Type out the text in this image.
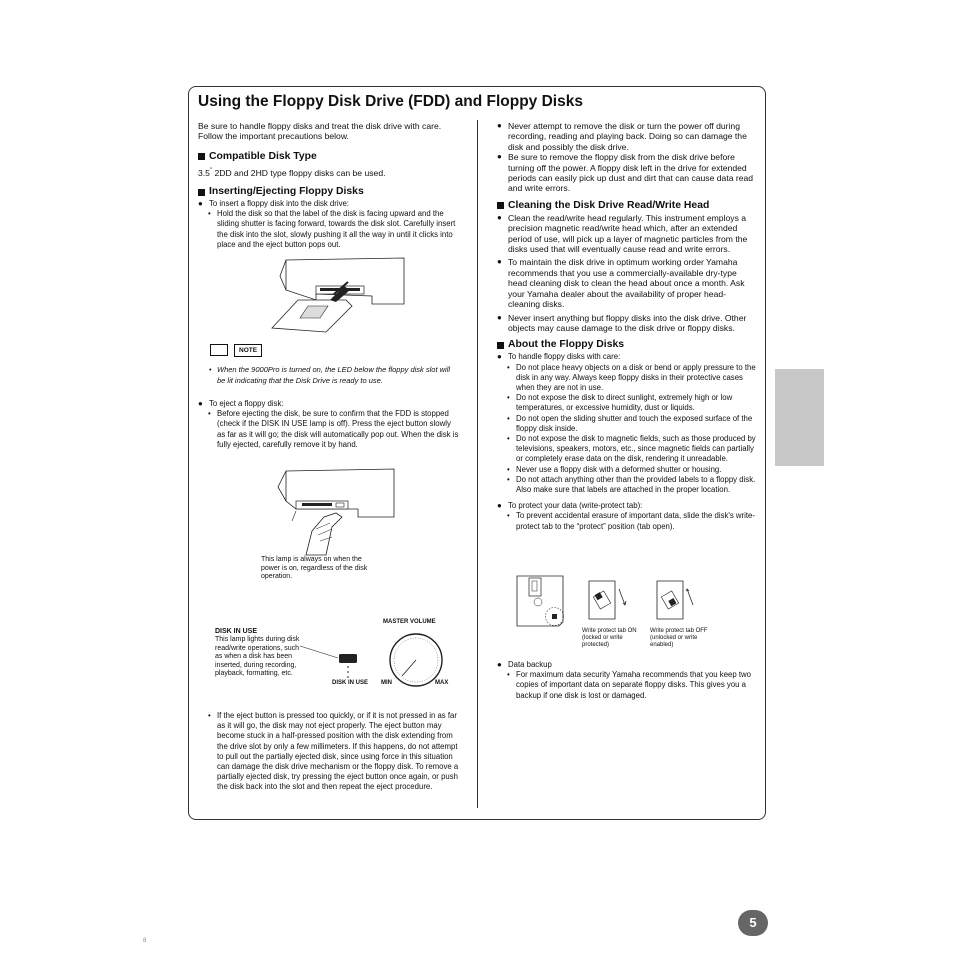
Using the Floppy Disk Drive (FDD) and Floppy Disks

Be sure to handle floppy disks and treat the disk drive with care. Follow the important precautions below.

Compatible Disk Type

3.5" 2DD and 2HD type floppy disks can be used.

Inserting/Ejecting Floppy Disks

● To insert a floppy disk into the disk drive:

• Hold the disk so that the label of the disk is facing upward and the sliding shutter is facing forward, towards the disk slot. Carefully insert the disk into the slot, slowly pushing it all the way in until it clicks into place and the eject button pops out.

NOTE

• When the 9000Pro is turned on, the LED below the floppy disk slot will be lit indicating that the Disk Drive is ready to use.

● To eject a floppy disk:

• Before ejecting the disk, be sure to confirm that the FDD is stopped (check if the DISK IN USE lamp is off). Press the eject button slowly as far as it will go; the disk will automatically pop out. When the disk is fully ejected, carefully remove it by hand.

This lamp is always on when the power is on, regardless of the disk operation.

DISK IN USE

This lamp lights during disk read/write operations, such as when a disk has been inserted, during recording, playback, formatting, etc.

MASTER VOLUME
MIN	MAX
DISK IN USE

• If the eject button is pressed too quickly, or if it is not pressed in as far as it will go, the disk may not eject properly. The eject button may become stuck in a half-pressed position with the disk extending from the drive slot by only a few millimeters. If this happens, do not attempt to pull out the partially ejected disk, since using force in this situation can damage the disk drive mechanism or the floppy disk. To remove a partially ejected disk, try pressing the eject button once again, or push the disk back into the slot and then repeat the eject procedure.

● Never attempt to remove the disk or turn the power off during recording, reading and playing back. Doing so can damage the disk and possibly the disk drive.

● Be sure to remove the floppy disk from the disk drive before turning off the power. A floppy disk left in the drive for extended periods can easily pick up dust and dirt that can cause data read and write errors.

Cleaning the Disk Drive Read/Write Head

● Clean the read/write head regularly. This instrument employs a precision magnetic read/write head which, after an extended period of use, will pick up a layer of magnetic particles from the disks used that will eventually cause read and write errors.

● To maintain the disk drive in optimum working order Yamaha recommends that you use a commercially-available dry-type head cleaning disk to clean the head about once a month. Ask your Yamaha dealer about the availability of proper head-cleaning disks.

● Never insert anything but floppy disks into the disk drive. Other objects may cause damage to the disk drive or floppy disks.

About the Floppy Disks

● To handle floppy disks with care:

• Do not place heavy objects on a disk or bend or apply pressure to the disk in any way. Always keep floppy disks in their protective cases when they are not in use.

• Do not expose the disk to direct sunlight, extremely high or low temperatures, or excessive humidity, dust or liquids.

• Do not open the sliding shutter and touch the exposed surface of the floppy disk inside.

• Do not expose the disk to magnetic fields, such as those produced by televisions, speakers, motors, etc., since magnetic fields can partially or completely erase data on the disk, rendering it unreadable.

• Never use a floppy disk with a deformed shutter or housing.

• Do not attach anything other than the provided labels to a floppy disk. Also make sure that labels are attached in the proper location.

● To protect your data (write-protect tab):

• To prevent accidental erasure of important data, slide the disk's write-protect tab to the “protect” position (tab open).

Write protect tab ON (locked or write protected)

Write protect tab OFF (unlocked or write enabled)

● Data backup

• For maximum data security Yamaha recommends that you keep two copies of important data on separate floppy disks. This gives you a backup if one disk is lost or damaged.

5
8
